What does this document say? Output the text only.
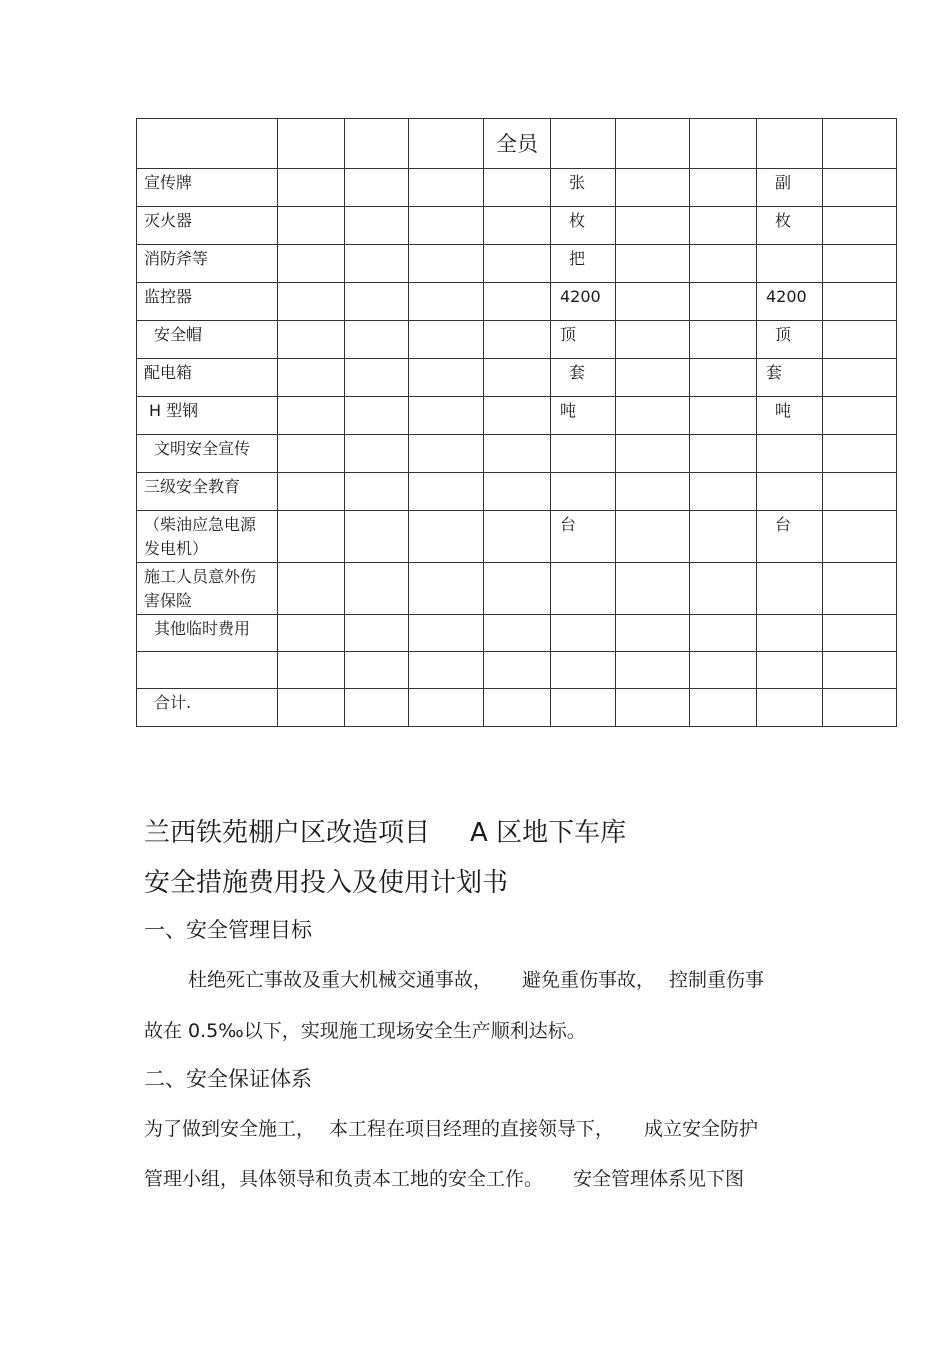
				全员					
宣传牌					张			副	
灭火器					枚			枚	
消防斧等					把				
监控器					4200			4200	
安全帽					顶			顶	
配电箱					套			套	
H 型钢					吨			吨	
文明安全宣传									
三级安全教育									
（柴油应急电源 发电机）					台			台	
施工人员意外伤害保险									
其他临时费用									

合计.									
兰西铁苑棚户区改造项目 A 区地下车库
安全措施费用投入及使用计划书
一、安全管理目标
杜绝死亡事故及重大机械交通事故， 避免重伤事故， 控制重伤事
故在 0.5‰以下，实现施工现场安全生产顺利达标。
二、安全保证体系
为了做到安全施工， 本工程在项目经理的直接领导下， 成立安全防护
管理小组，具体领导和负责本工地的安全工作。 安全管理体系见下图
